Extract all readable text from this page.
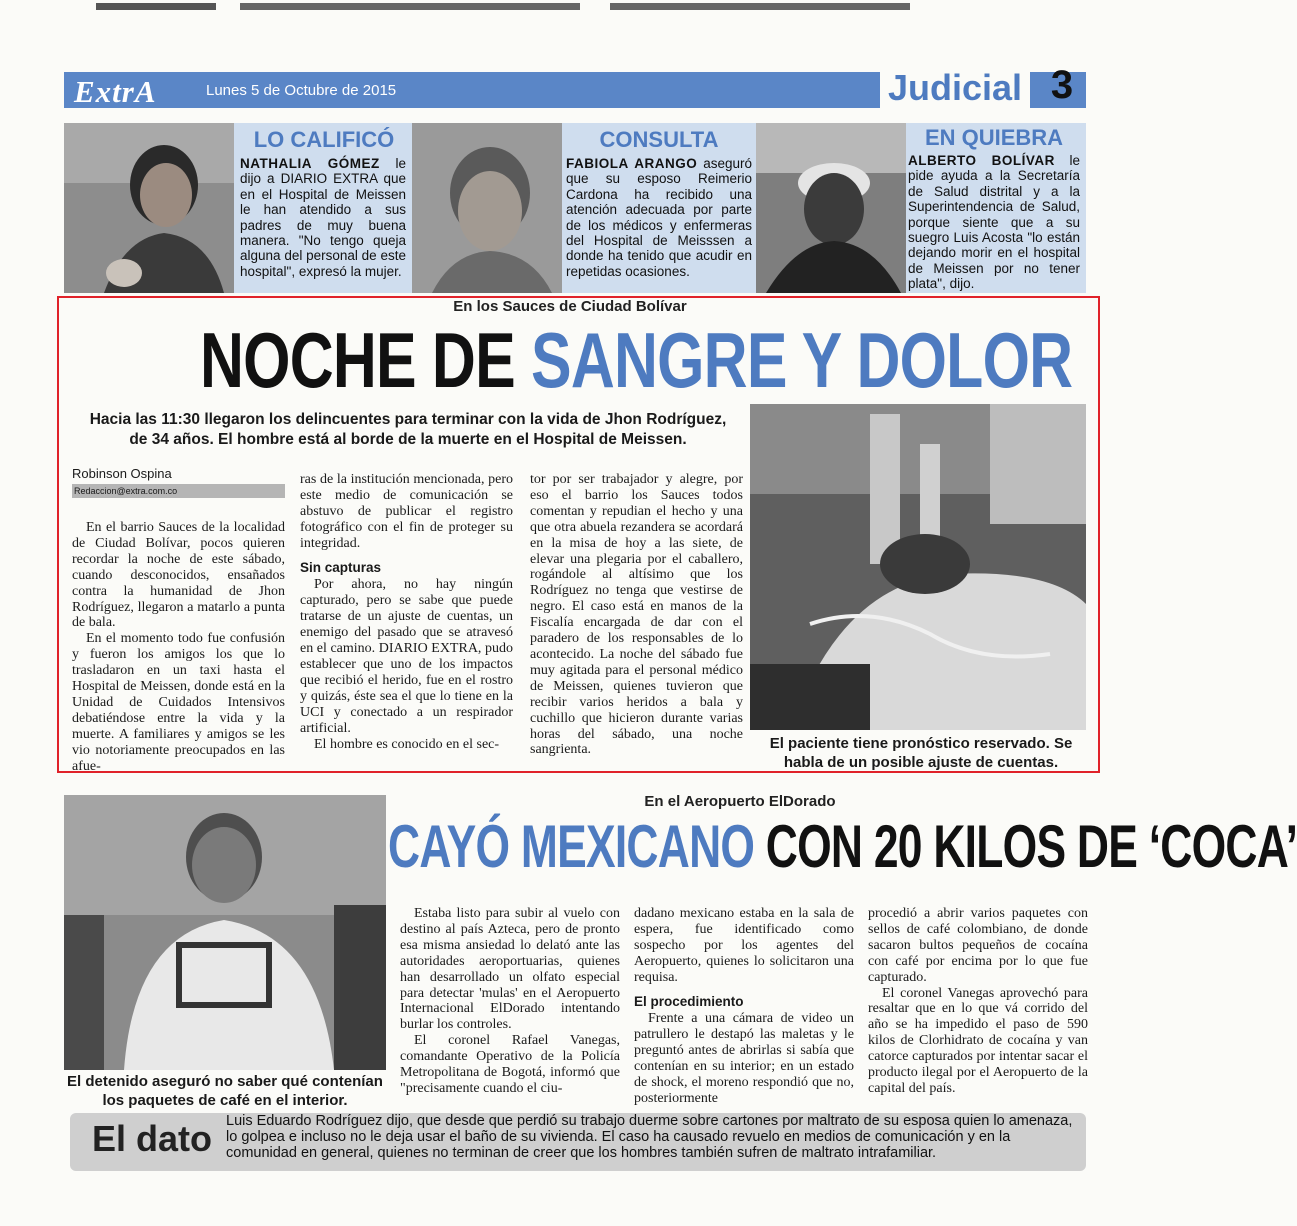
ExtrA	Lunes 5 de Octubre de 2015	Judicial 3
LO CALIFICÓ
NATHALIA GÓMEZ le dijo a DIARIO EXTRA que en el Hospital de Meissen le han atendido a sus padres de muy buena manera. "No tengo queja alguna del personal de este hospital", expresó la mujer.
CONSULTA
FABIOLA ARANGO aseguró que su esposo Reimerio Cardona ha recibido una atención adecuada por parte de los médicos y enfermeras del Hospital de Meisssen a donde ha tenido que acudir en repetidas ocasiones.
EN QUIEBRA
ALBERTO BOLÍVAR le pide ayuda a la Secretaría de Salud distrital y a la Superintendencia de Salud, porque siente que a su suegro Luis Acosta "lo están dejando morir en el hospital de Meissen por no tener plata", dijo.
En los Sauces de Ciudad Bolívar
NOCHE DE SANGRE Y DOLOR
Hacia las 11:30 llegaron los delincuentes para terminar con la vida de Jhon Rodríguez, de 34 años. El hombre está al borde de la muerte en el Hospital de Meissen.
Robinson Ospina
Redaccion@extra.com.co

En el barrio Sauces de la localidad de Ciudad Bolívar, pocos quieren recordar la noche de este sábado, cuando desconocidos, ensañados contra la humanidad de Jhon Rodríguez, llegaron a matarlo a punta de bala.

En el momento todo fue confusión y fueron los amigos los que lo trasladaron en un taxi hasta el Hospital de Meissen, donde está en la Unidad de Cuidados Intensivos debatiéndose entre la vida y la muerte. A familiares y amigos se les vio notoriamente preocupados en las afue-

ras de la institución mencionada, pero este medio de comunicación se abstuvo de publicar el registro fotográfico con el fin de proteger su integridad.

Sin capturas

Por ahora, no hay ningún capturado, pero se sabe que puede tratarse de un ajuste de cuentas, un enemigo del pasado que se atravesó en el camino. DIARIO EXTRA, pudo establecer que uno de los impactos que recibió el herido, fue en el rostro y quizás, éste sea el que lo tiene en la UCI y conectado a un respirador artificial.

El hombre es conocido en el sec-

tor por ser trabajador y alegre, por eso el barrio los Sauces todos comentan y repudian el hecho y una que otra abuela rezandera se acordará en la misa de hoy a las siete, de elevar una plegaria por el caballero, rogándole al altísimo que los Rodríguez no tenga que vestirse de negro. El caso está en manos de la Fiscalía encargada de dar con el paradero de los responsables de lo acontecido. La noche del sábado fue muy agitada para el personal médico de Meissen, quienes tuvieron que recibir varios heridos a bala y cuchillo que hicieron durante varias horas del sábado, una noche sangrienta.	El paciente tiene pronóstico reservado. Se habla de un posible ajuste de cuentas.
El detenido aseguró no saber qué contenían los paquetes de café en el interior.
En el Aeropuerto ElDorado
CAYÓ MEXICANO CON 20 KILOS DE ‘COCA’

Estaba listo para subir al vuelo con destino al país Azteca, pero de pronto esa misma ansiedad lo delató ante las autoridades aeroportuarias, quienes han desarrollado un olfato especial para detectar 'mulas' en el Aeropuerto Internacional ElDorado intentando burlar los controles.

El coronel Rafael Vanegas, comandante Operativo de la Policía Metropolitana de Bogotá, informó que "precisamente cuando el ciu-

dadano mexicano estaba en la sala de espera, fue identificado como sospecho por los agentes del Aeropuerto, quienes lo solicitaron una requisa.

El procedimiento

Frente a una cámara de video un patrullero le destapó las maletas y le preguntó antes de abrirlas si sabía que contenían en su interior; en un estado de shock, el moreno respondió que no, posteriormente

procedió a abrir varios paquetes con sellos de café colombiano, de donde sacaron bultos pequeños de cocaína con café por encima por lo que fue capturado.

El coronel Vanegas aprovechó para resaltar que en lo que vá corrido del año se ha impedido el paso de 590 kilos de Clorhidrato de cocaína y van catorce capturados por intentar sacar el producto ilegal por el Aeropuerto de la capital del país.

El dato Luis Eduardo Rodríguez dijo, que desde que perdió su trabajo duerme sobre cartones por maltrato de su esposa quien lo amenaza, lo golpea e incluso no le deja usar el baño de su vivienda. El caso ha causado revuelo en medios de comunicación y en la comunidad en general, quienes no terminan de creer que los hombres también sufren de maltrato intrafamiliar.
